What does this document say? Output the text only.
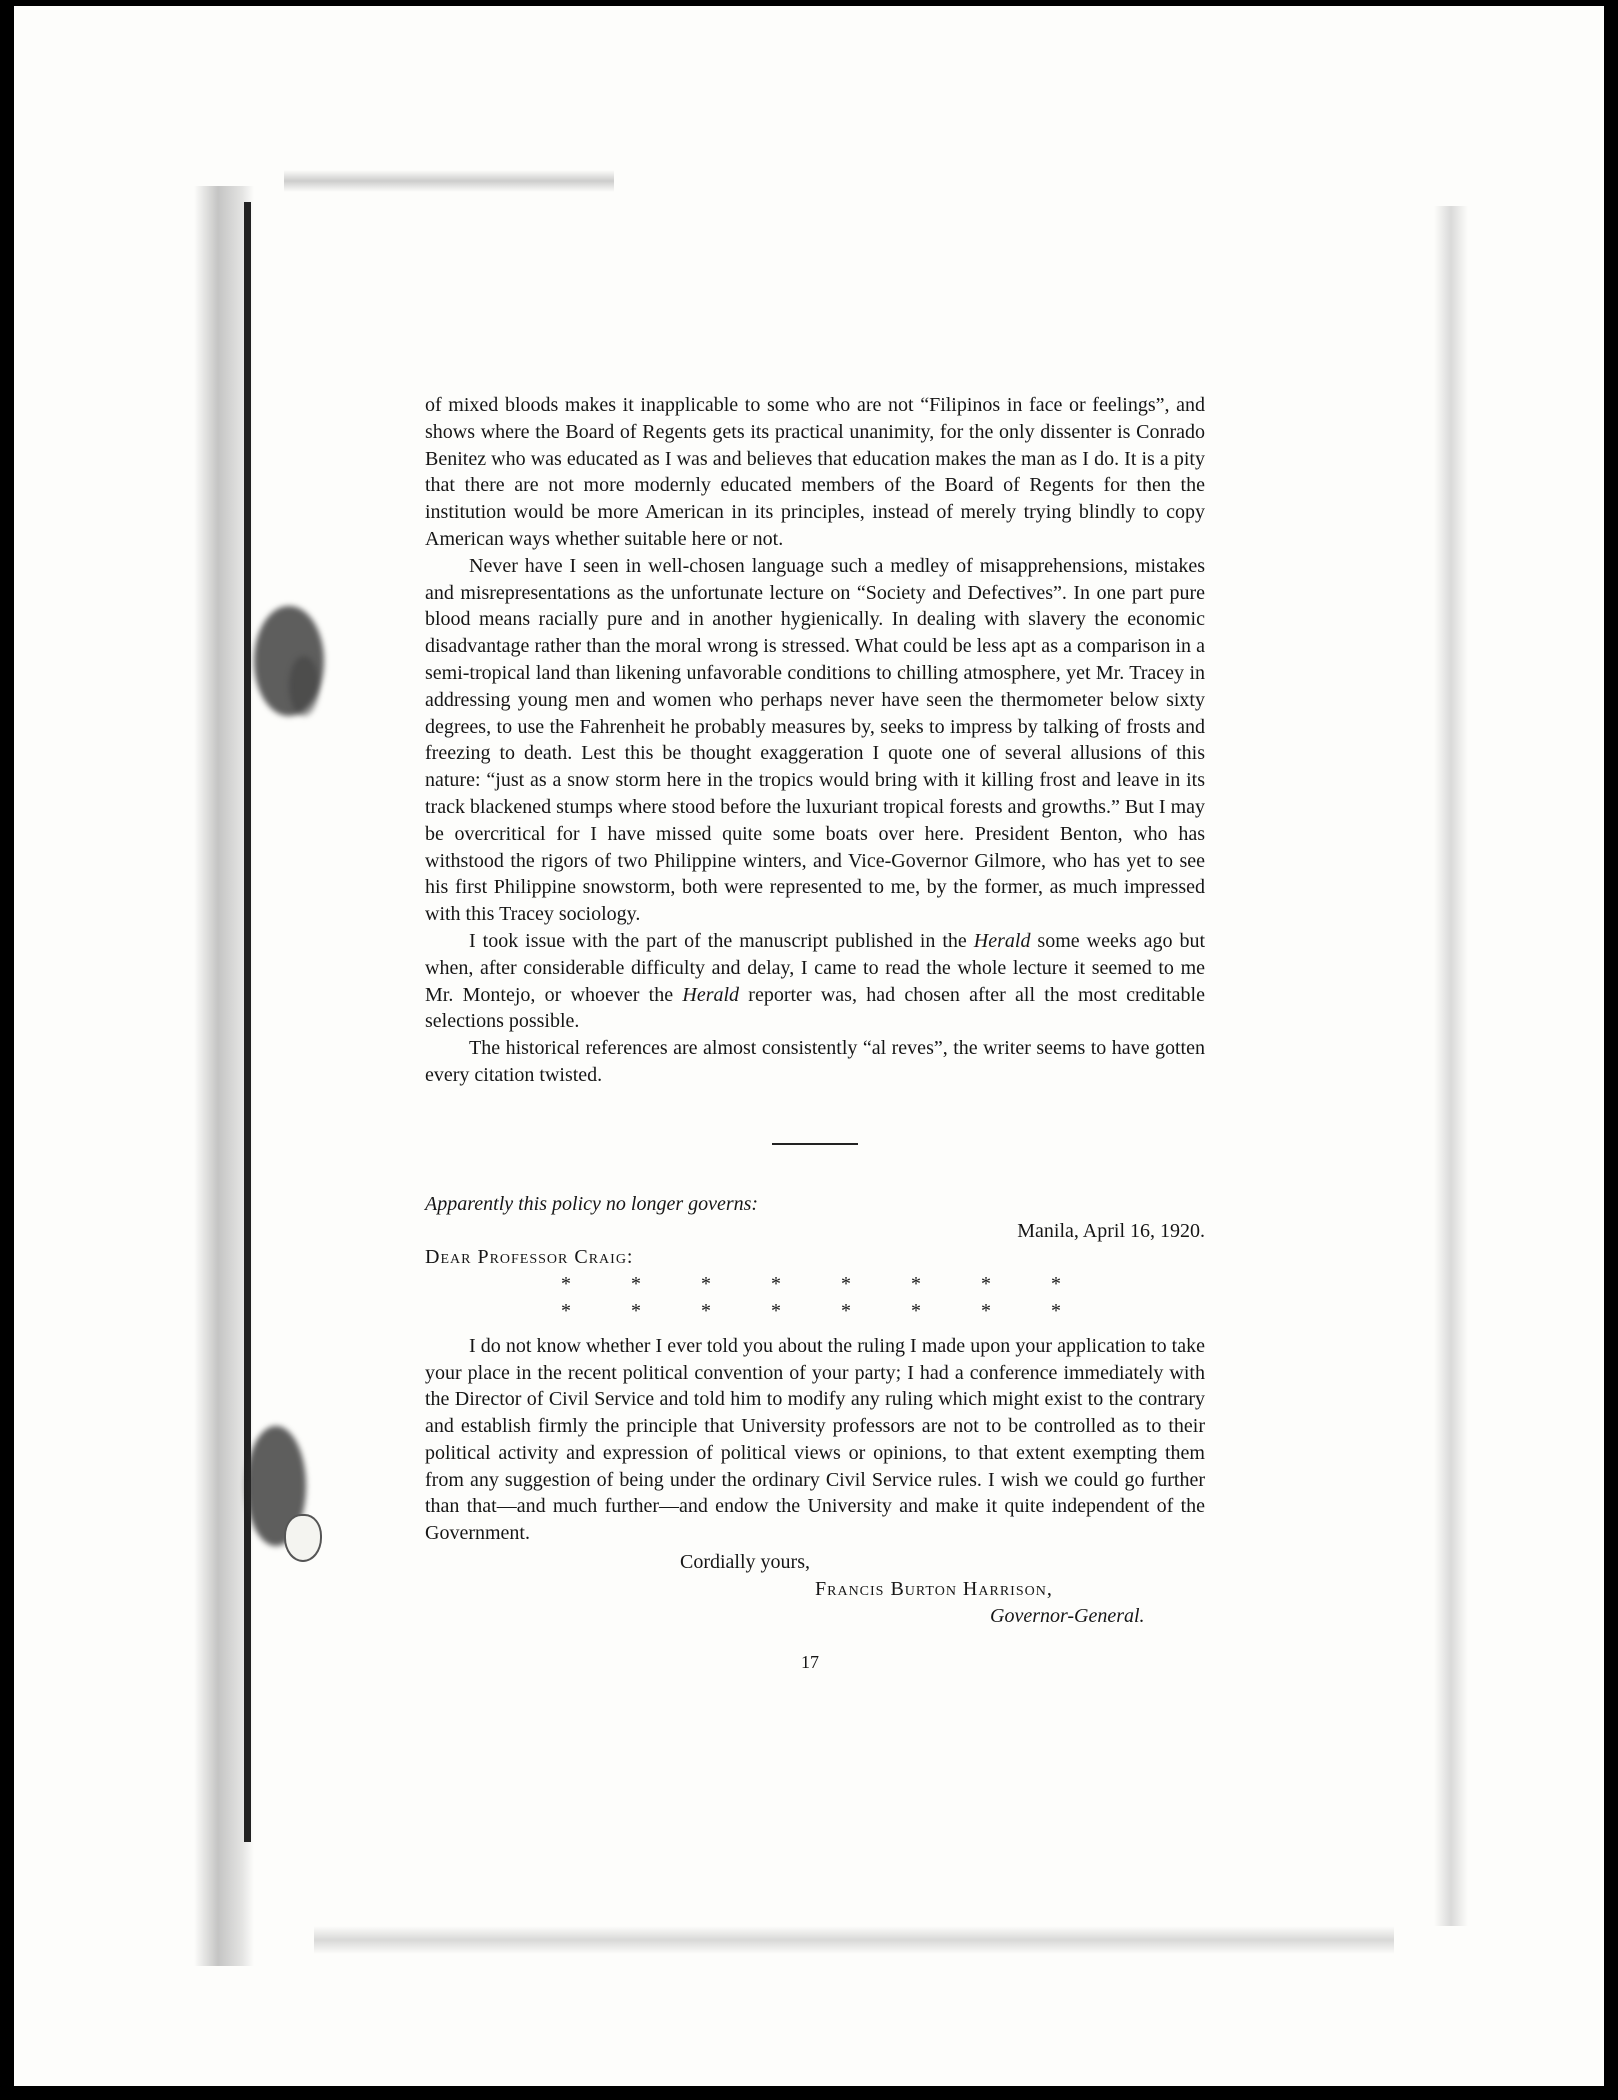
of mixed bloods makes it inapplicable to some who are not “Filipinos in face or feelings”, and shows where the Board of Regents gets its practical unanimity, for the only dissenter is Conrado Benitez who was educated as I was and believes that education makes the man as I do. It is a pity that there are not more modernly educated members of the Board of Regents for then the institution would be more American in its principles, instead of merely trying blindly to copy American ways whether suitable here or not.

Never have I seen in well-chosen language such a medley of misapprehensions, mistakes and misrepresentations as the unfortunate lecture on “Society and Defectives”. In one part pure blood means racially pure and in another hygienically. In dealing with slavery the economic disadvantage rather than the moral wrong is stressed. What could be less apt as a comparison in a semi-tropical land than likening unfavorable conditions to chilling atmosphere, yet Mr. Tracey in addressing young men and women who perhaps never have seen the thermometer below sixty degrees, to use the Fahrenheit he probably measures by, seeks to impress by talking of frosts and freezing to death. Lest this be thought exaggeration I quote one of several allusions of this nature: “just as a snow storm here in the tropics would bring with it killing frost and leave in its track blackened stumps where stood before the luxuriant tropical forests and growths.” But I may be overcritical for I have missed quite some boats over here. President Benton, who has withstood the rigors of two Philippine winters, and Vice-Governor Gilmore, who has yet to see his first Philippine snowstorm, both were represented to me, by the former, as much impressed with this Tracey sociology.

I took issue with the part of the manuscript published in the Herald some weeks ago but when, after considerable difficulty and delay, I came to read the whole lecture it seemed to me Mr. Montejo, or whoever the Herald reporter was, had chosen after all the most creditable selections possible.

The historical references are almost consistently “al reves”, the writer seems to have gotten every citation twisted.

Apparently this policy no longer governs:

Manila, April 16, 1920.

Dear Professor Craig:

*	*	*	*	*	*	*	*

*	*	*	*	*	*	*	*

I do not know whether I ever told you about the ruling I made upon your application to take your place in the recent political convention of your party; I had a conference immediately with the Director of Civil Service and told him to modify any ruling which might exist to the contrary and establish firmly the principle that University professors are not to be controlled as to their political activity and expression of political views or opinions, to that extent exempting them from any suggestion of being under the ordinary Civil Service rules. I wish we could go further than that—and much further—and endow the University and make it quite independent of the Government.

Cordially yours,

Francis Burton Harrison,

Governor-General.

17
